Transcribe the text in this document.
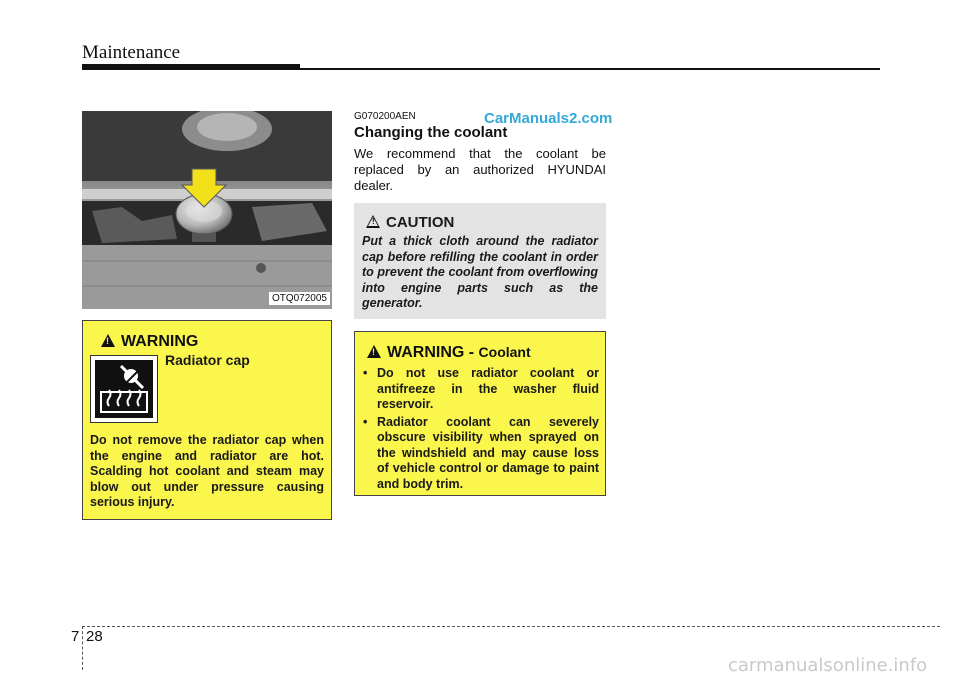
Maintenance
OTQ072005
!WARNING
Radiator cap
Do not remove the radiator cap when the engine and radiator are hot. Scalding hot coolant and steam may blow out under pressure causing serious injury.
G070200AEN	CarManuals2.com
Changing the coolant
We recommend that the coolant be replaced by an authorized HYUNDAI dealer.
!CAUTION
Put a thick cloth around the radiator cap before refilling the coolant in order to prevent the coolant from overflowing into engine parts such as the generator.
!WARNING - Coolant
• Do not use radiator coolant or antifreeze in the washer fluid reservoir.
• Radiator coolant can severely obscure visibility when sprayed on the windshield and may cause loss of vehicle control or damage to paint and body trim.
7 28
carmanualsonline.info
